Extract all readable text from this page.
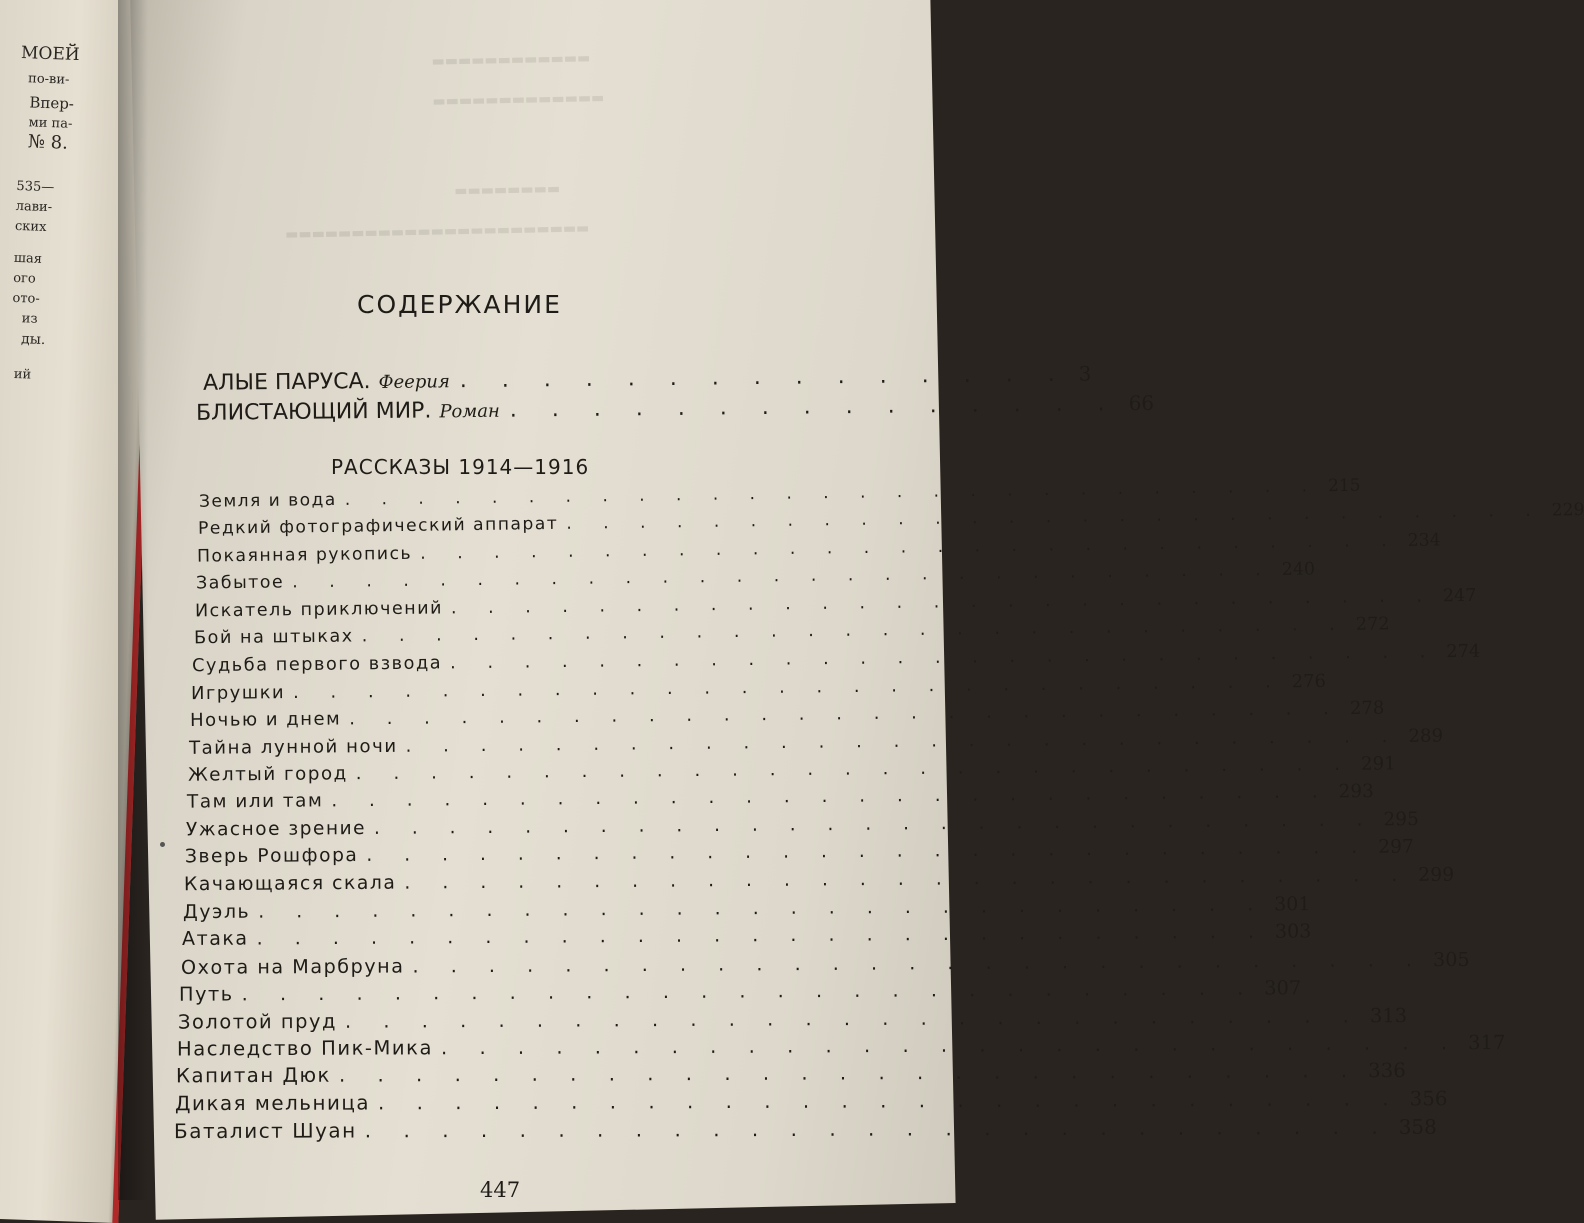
МОЕЙ
по-ви-
Впер-
ми па-
№ 8.
535—
лави-
ских
шая
ого
ото-
из
ды.
ий
▬▬▬▬▬▬▬▬▬▬▬▬
▬▬▬▬▬▬▬▬▬▬▬▬▬
▬▬▬▬▬▬▬▬
▬▬▬▬▬▬▬▬▬▬▬▬▬▬▬▬▬▬▬▬▬▬▬
СОДЕРЖАНИЕ
АЛЫЕ ПАРУСА. Феерия . . . . . . . . . . . . . . . 3
БЛИСТАЮЩИЙ МИР. Роман . . . . . . . . . . . . . . . 66
РАССКАЗЫ 1914—1916
Земля и вода . . . . . . . . . . . . . . . . . . . . . . . . . . . 215
Редкий фотографический аппарат . . . . . . . . . . . . . . . . . . . . . . . . . . . 229
Покаянная рукопись . . . . . . . . . . . . . . . . . . . . . . . . . . . 234
Забытое . . . . . . . . . . . . . . . . . . . . . . . . . . . 240
Искатель приключений . . . . . . . . . . . . . . . . . . . . . . . . . . . 247
Бой на штыках . . . . . . . . . . . . . . . . . . . . . . . . . . . 272
Судьба первого взвода . . . . . . . . . . . . . . . . . . . . . . . . . . . 274
Игрушки . . . . . . . . . . . . . . . . . . . . . . . . . . . 276
Ночью и днем . . . . . . . . . . . . . . . . . . . . . . . . . . . 278
Тайна лунной ночи . . . . . . . . . . . . . . . . . . . . . . . . . . . 289
Желтый город . . . . . . . . . . . . . . . . . . . . . . . . . . . 291
Там или там . . . . . . . . . . . . . . . . . . . . . . . . . . . 293
Ужасное зрение . . . . . . . . . . . . . . . . . . . . . . . . . . . 295
Зверь Рошфора . . . . . . . . . . . . . . . . . . . . . . . . . . . 297
Качающаяся скала . . . . . . . . . . . . . . . . . . . . . . . . . . . 299
Дуэль . . . . . . . . . . . . . . . . . . . . . . . . . . . 301
Атака . . . . . . . . . . . . . . . . . . . . . . . . . . . 303
Охота на Марбруна . . . . . . . . . . . . . . . . . . . . . . . . . . . 305
Путь . . . . . . . . . . . . . . . . . . . . . . . . . . . 307
Золотой пруд . . . . . . . . . . . . . . . . . . . . . . . . . . . 313
Наследство Пик-Мика . . . . . . . . . . . . . . . . . . . . . . . . . . . 317
Капитан Дюк . . . . . . . . . . . . . . . . . . . . . . . . . . . 336
Дикая мельница . . . . . . . . . . . . . . . . . . . . . . . . . . . 356
Баталист Шуан . . . . . . . . . . . . . . . . . . . . . . . . . . . 358
447
